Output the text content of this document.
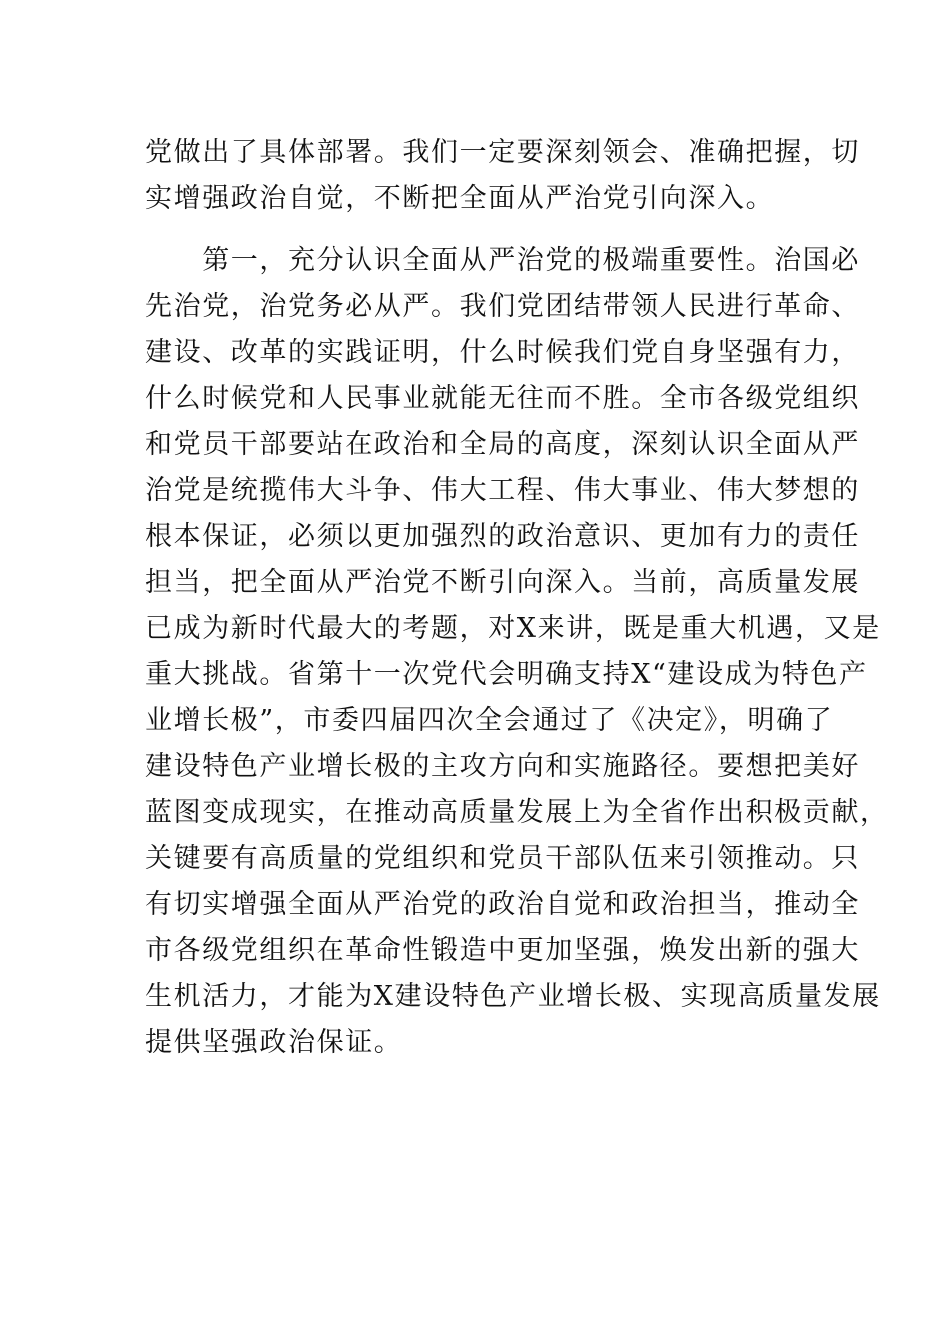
党做出了具体部署。我们一定要深刻领会、准确把握，切
实增强政治自觉，不断把全面从严治党引向深入。
　　第一，充分认识全面从严治党的极端重要性。治国必
先治党，治党务必从严。我们党团结带领人民进行革命、
建设、改革的实践证明，什么时候我们党自身坚强有力，
什么时候党和人民事业就能无往而不胜。全市各级党组织
和党员干部要站在政治和全局的高度，深刻认识全面从严
治党是统揽伟大斗争、伟大工程、伟大事业、伟大梦想的
根本保证，必须以更加强烈的政治意识、更加有力的责任
担当，把全面从严治党不断引向深入。当前，高质量发展
已成为新时代最大的考题，对X来讲，既是重大机遇，又是
重大挑战。省第十一次党代会明确支持X“建设成为特色产
业增长极”，市委四届四次全会通过了《决定》，明确了
建设特色产业增长极的主攻方向和实施路径。要想把美好
蓝图变成现实，在推动高质量发展上为全省作出积极贡献，
关键要有高质量的党组织和党员干部队伍来引领推动。只
有切实增强全面从严治党的政治自觉和政治担当，推动全
市各级党组织在革命性锻造中更加坚强，焕发出新的强大
生机活力，才能为X建设特色产业增长极、实现高质量发展
提供坚强政治保证。
